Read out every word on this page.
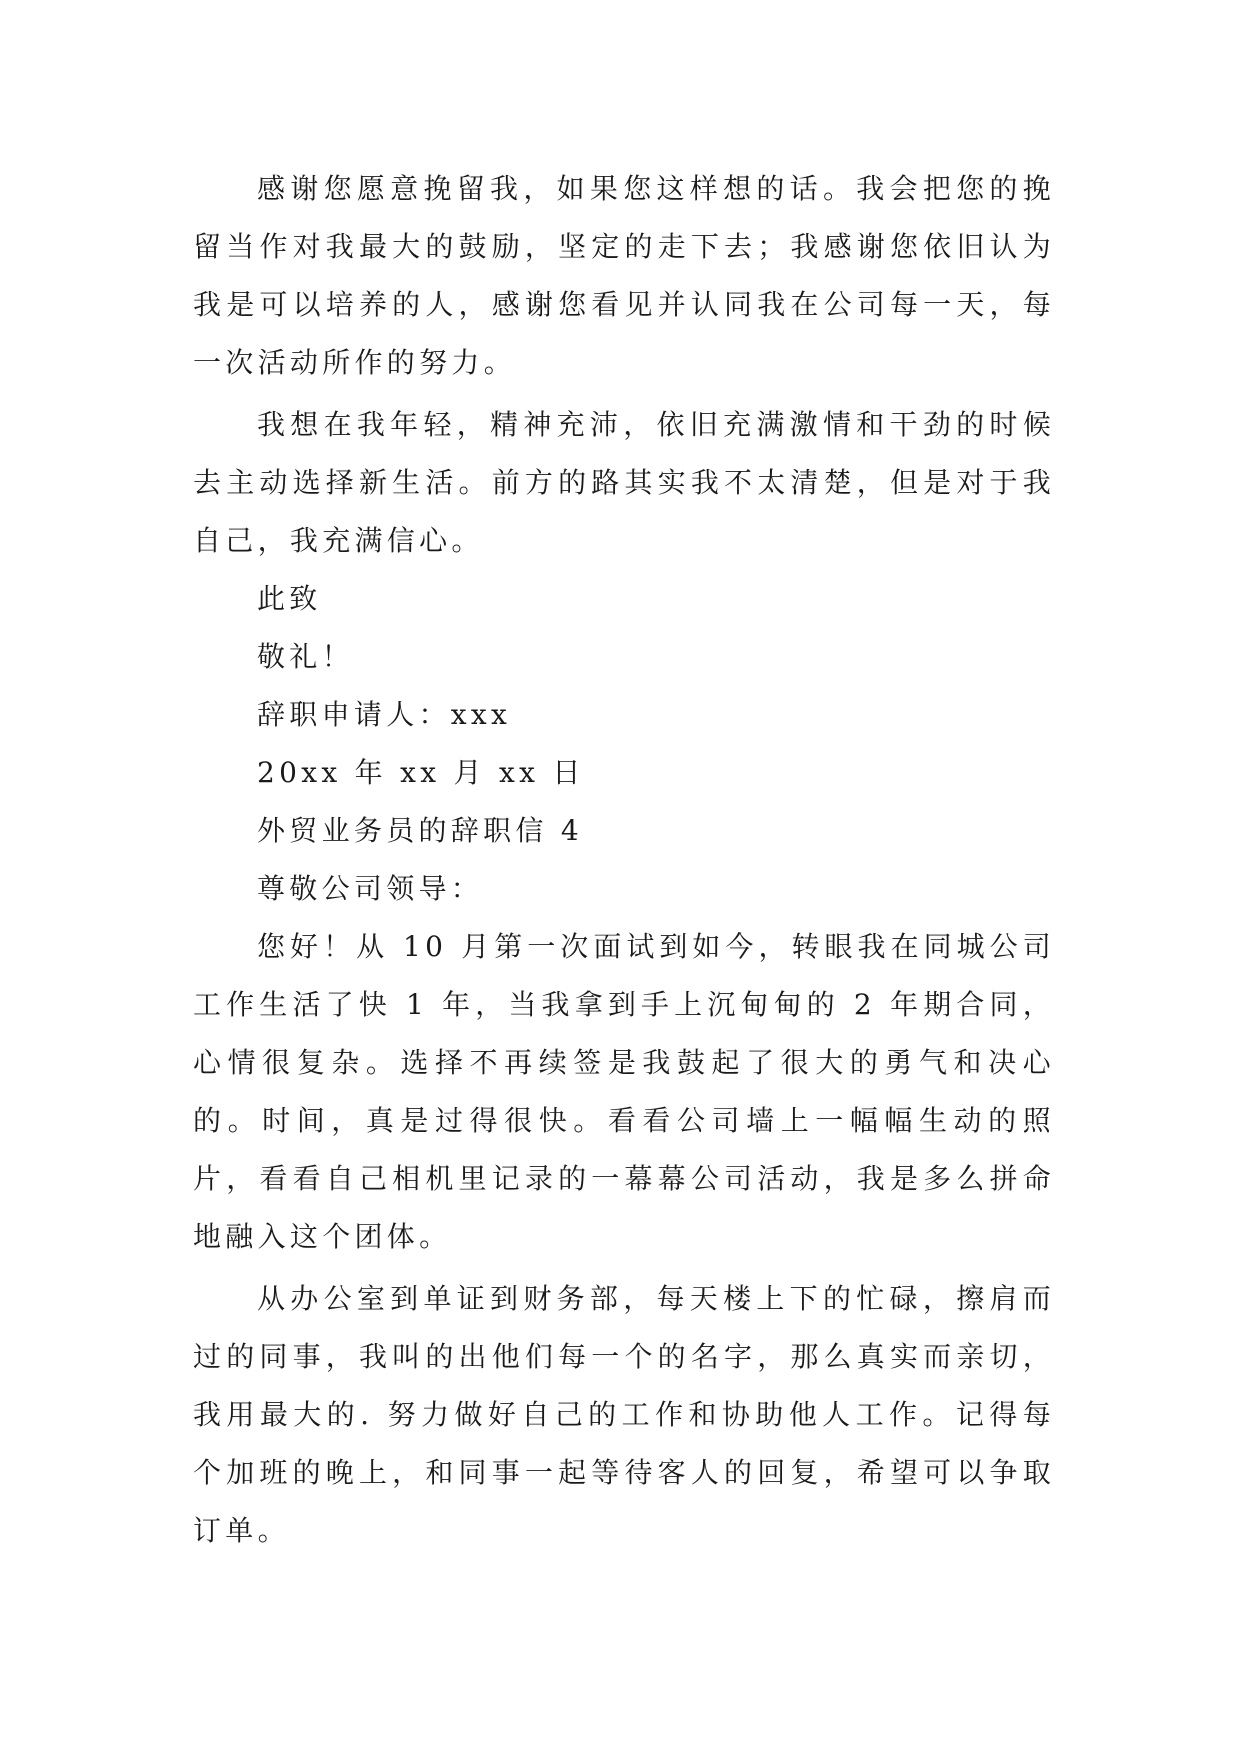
感谢您愿意挽留我，如果您这样想的话。我会把您的挽留当作对我最大的鼓励，坚定的走下去；我感谢您依旧认为我是可以培养的人，感谢您看见并认同我在公司每一天，每一次活动所作的努力。

我想在我年轻，精神充沛，依旧充满激情和干劲的时候去主动选择新生活。前方的路其实我不太清楚，但是对于我自己，我充满信心。

此致

敬礼！

辞职申请人：xxx

20xx 年 xx 月 xx 日

外贸业务员的辞职信 4

尊敬公司领导：

您好！从 10 月第一次面试到如今，转眼我在同城公司工作生活了快 1 年，当我拿到手上沉甸甸的 2 年期合同，心情很复杂。选择不再续签是我鼓起了很大的勇气和决心的。时间，真是过得很快。看看公司墙上一幅幅生动的照片，看看自己相机里记录的一幕幕公司活动，我是多么拼命地融入这个团体。

从办公室到单证到财务部，每天楼上下的忙碌，擦肩而过的同事，我叫的出他们每一个的名字，那么真实而亲切，我用最大的. 努力做好自己的工作和协助他人工作。记得每个加班的晚上，和同事一起等待客人的回复，希望可以争取订单。
